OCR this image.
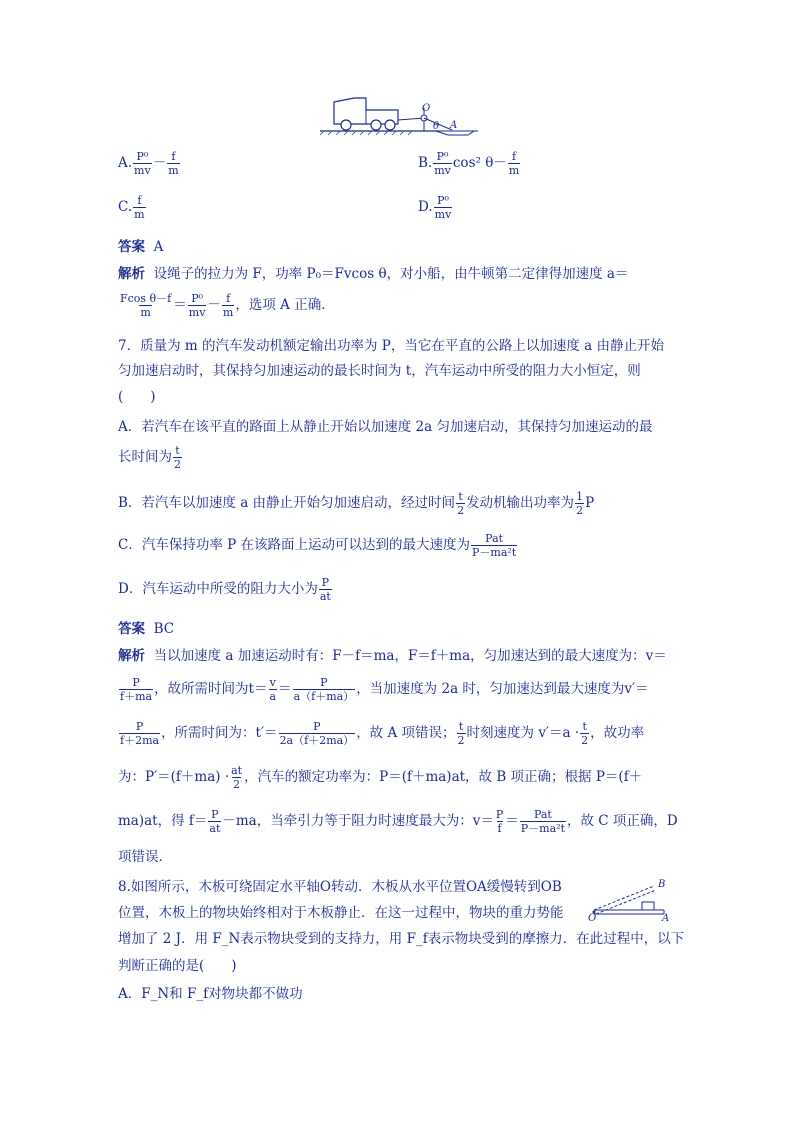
O
θ A
A. $\frac{\text{P⁰}}{mv} - \frac{f}{m}$	B. $\frac{\text{P⁰}}{mv} \cos^2$ $\theta- \frac{f}{m}$
C. $\frac{f}{m}$	D. $\frac{\text{P⁰}}{mv}$
答案 A
解析 设绳子的拉力为 F，功率 P₀＝Fvcos θ，对小船，由牛顿第二定律得加速度 a＝
$\frac{\text{Fcos θ－f}}{m} = \frac{\text{P⁰}}{mv} - \frac{f}{m}$ ，选项 A 正确．
7．质量为 m 的汽车发动机额定输出功率为 P，当它在平直的公路上以加速度 a 由静止开始
匀加速启动时，其保持匀加速运动的最长时间为 t，汽车运动中所受的阻力大小恒定，则
(　　)
A．若汽车在该平直的路面上从静止开始以加速度 2a 匀加速启动，其保持匀加速运动的最
长时间为 $\frac{t}{2}$
B．若汽车以加速度 a 由静止开始匀加速启动，经过时间 $\frac{t}{2}$ 发动机输出功率为 $\frac{1}{2}$ P
C．汽车保持功率 P 在该路面上运动可以达到的最大速度为 $\frac{\text{Pat}}{\text{P－ma²t}}$
D．汽车运动中所受的阻力大小为 $\frac{P}{at}$
答案 BC
解析 当以加速度 a 加速运动时有：F－f＝ma，F＝f＋ma，匀加速达到的最大速度为：v＝
$\frac{P}{f+ma}$ ，故所需时间为$t= \frac{v}{a} = \frac{P}{a(f+ma)}$ ，当加速度为 2a 时，匀加速达到最大速度为v′＝
$\frac{P}{f+2ma}$ ，所需时间为：$t'= \frac{P}{2a(f+2ma)}$ ，故 A 项错误； $\frac{t}{2}$ 时刻速度为 $v'=a \cdot \frac{t}{2}$ ，故功率
为：$P'=(f+ma) \cdot \frac{at}{2}$ ，汽车的额定功率为：P＝(f＋ma)at，故 B 项正确；根据 P＝(f＋
ma)at，得 $f= \frac{P}{at} -ma$，当牵引力等于阻力时速度最大为：$v= \frac{P}{f} = \frac{\text{Pat}}{\text{P－ma²t}}$ ，故 C 项正确，D
项错误．
8.如图所示，木板可绕固定水平轴O转动．木板从水平位置OA缓慢转到OB
位置，木板上的物块始终相对于木板静止．在这一过程中，物块的重力势能
增加了 2 J．用 F_N表示物块受到的支持力，用 F_f表示物块受到的摩擦力．在此过程中，以下
判断正确的是(　　)
A．F_N和 F_f对物块都不做功
B
O	A
